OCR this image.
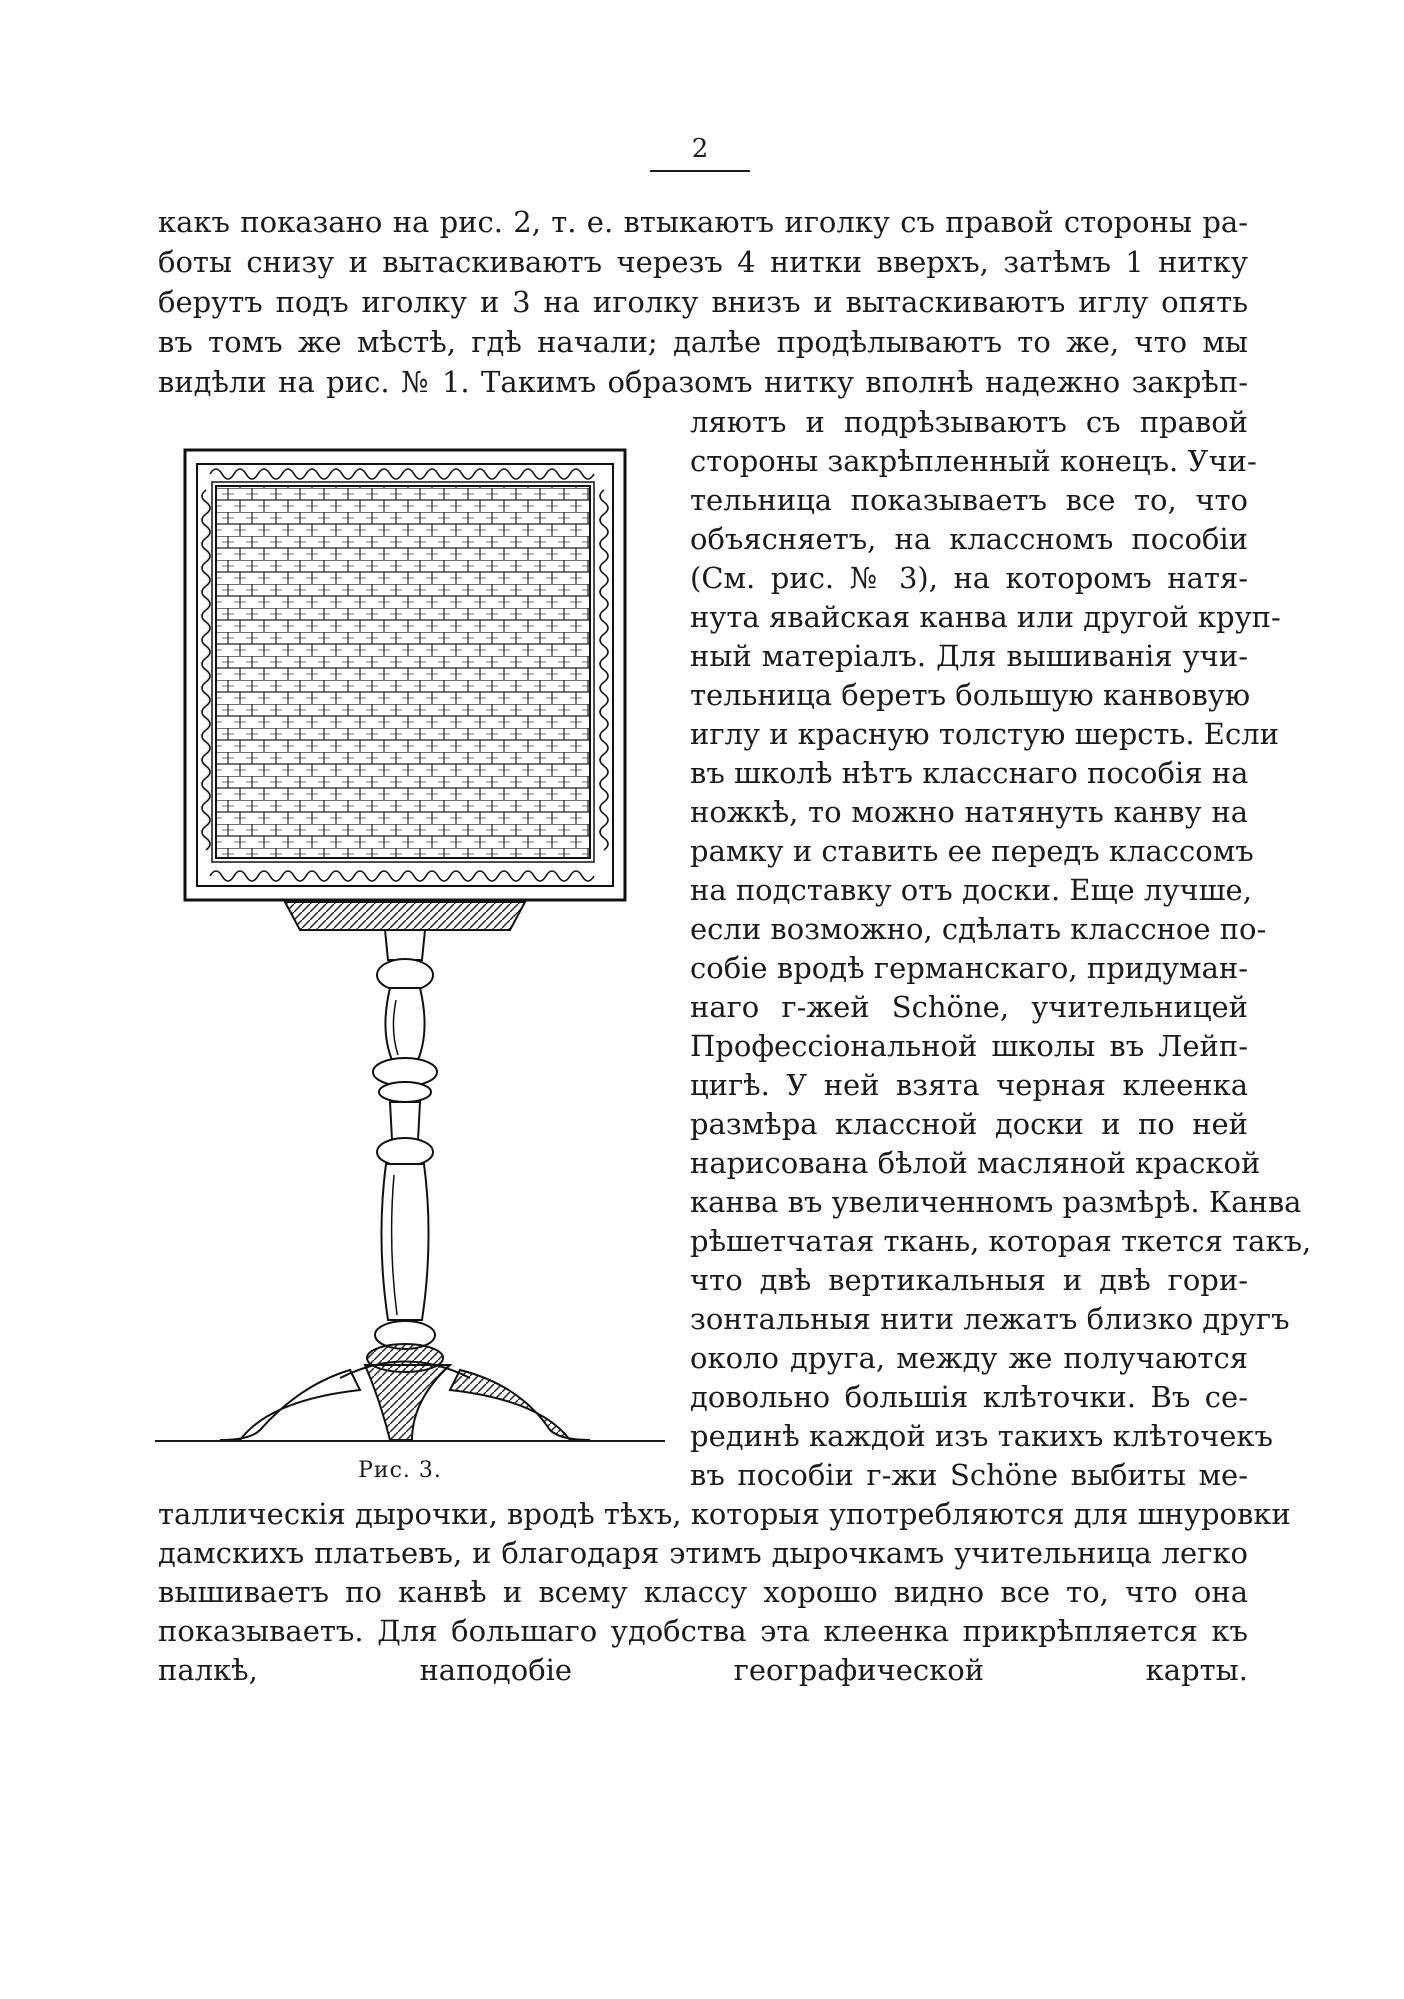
2
какъ показано на рис. 2, т. е. втыкаютъ иголку съ правой стороны ра-
боты снизу и вытаскиваютъ черезъ 4 нитки вверхъ, затѣмъ 1 нитку
берутъ подъ иголку и 3 на иголку внизъ и вытаскиваютъ иглу опять
въ томъ же мѣстѣ, гдѣ начали; далѣе продѣлываютъ то же, что мы
видѣли на рис. № 1. Такимъ образомъ нитку вполнѣ надежно закрѣп-
ляютъ и подрѣзываютъ съ правой
стороны закрѣпленный конецъ. Учи-
тельница показываетъ все то, что
объясняетъ, на классномъ пособіи
(См. рис. № 3), на которомъ натя-
нута явайская канва или другой круп-
ный матеріалъ. Для вышиванія учи-
тельница беретъ большую канвовую
иглу и красную толстую шерсть. Если
въ школѣ нѣтъ класснаго пособія на
ножкѣ, то можно натянуть канву на
рамку и ставить ее передъ классомъ
на подставку отъ доски. Еще лучше,
если возможно, сдѣлать классное по-
собіе вродѣ германскаго, придуман-
наго г-жей Schöne, учительницей
Профессіональной школы въ Лейп-
цигѣ. У ней взята черная клеенка
размѣра классной доски и по ней
нарисована бѣлой масляной краской
канва въ увеличенномъ размѣрѣ. Канва
рѣшетчатая ткань, которая ткется такъ,
что двѣ вертикальныя и двѣ гори-
зонтальныя нити лежатъ близко другъ
около друга, между же получаются
довольно большія клѣточки. Въ се-
рединѣ каждой изъ такихъ клѣточекъ
въ пособіи г-жи Schöne выбиты ме-
таллическія дырочки, вродѣ тѣхъ, которыя употребляются для шнуровки
дамскихъ платьевъ, и благодаря этимъ дырочкамъ учительница легко
вышиваетъ по канвѣ и всему классу хорошо видно все то, что она
показываетъ. Для большаго удобства эта клеенка прикрѣпляется къ
палкѣ, наподобіе географической карты.
Рис. 3.
